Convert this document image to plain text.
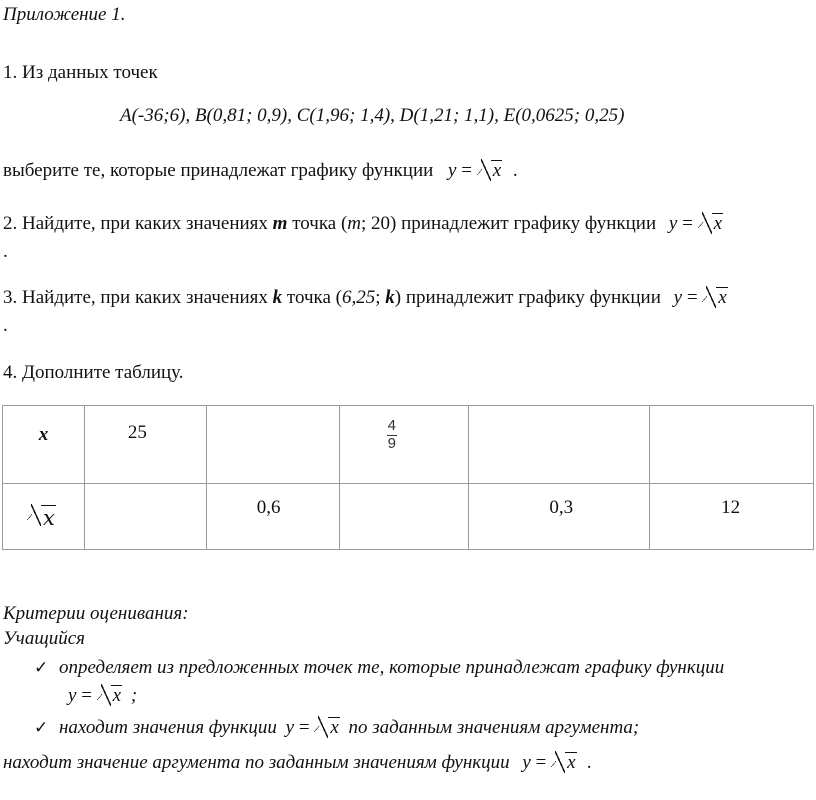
Приложение 1.
1. Из данных точек
A(-36;6), B(0,81; 0,9), C(1,96; 1,4), D(1,21; 1,1), E(0,0625; 0,25)
выберите те, которые принадлежат графику функции y = x .
2. Найдите, при каких значениях m точка (m; 20) принадлежит графику функции y = x
.
3. Найдите, при каких значениях k точка (6,25; k) принадлежит графику функции y = x
.
4. Дополните таблицу.
x	25		$\frac{4}{9}$

x		0,6		0,3	12
Критерии оценивания:
Учащийся
✓ определяет из предложенных точек те, которые принадлежат графику функции
y = x ;
✓ находит значения функции y = x по заданным значениям аргумента;
находит значение аргумента по заданным значениям функции y = x .
